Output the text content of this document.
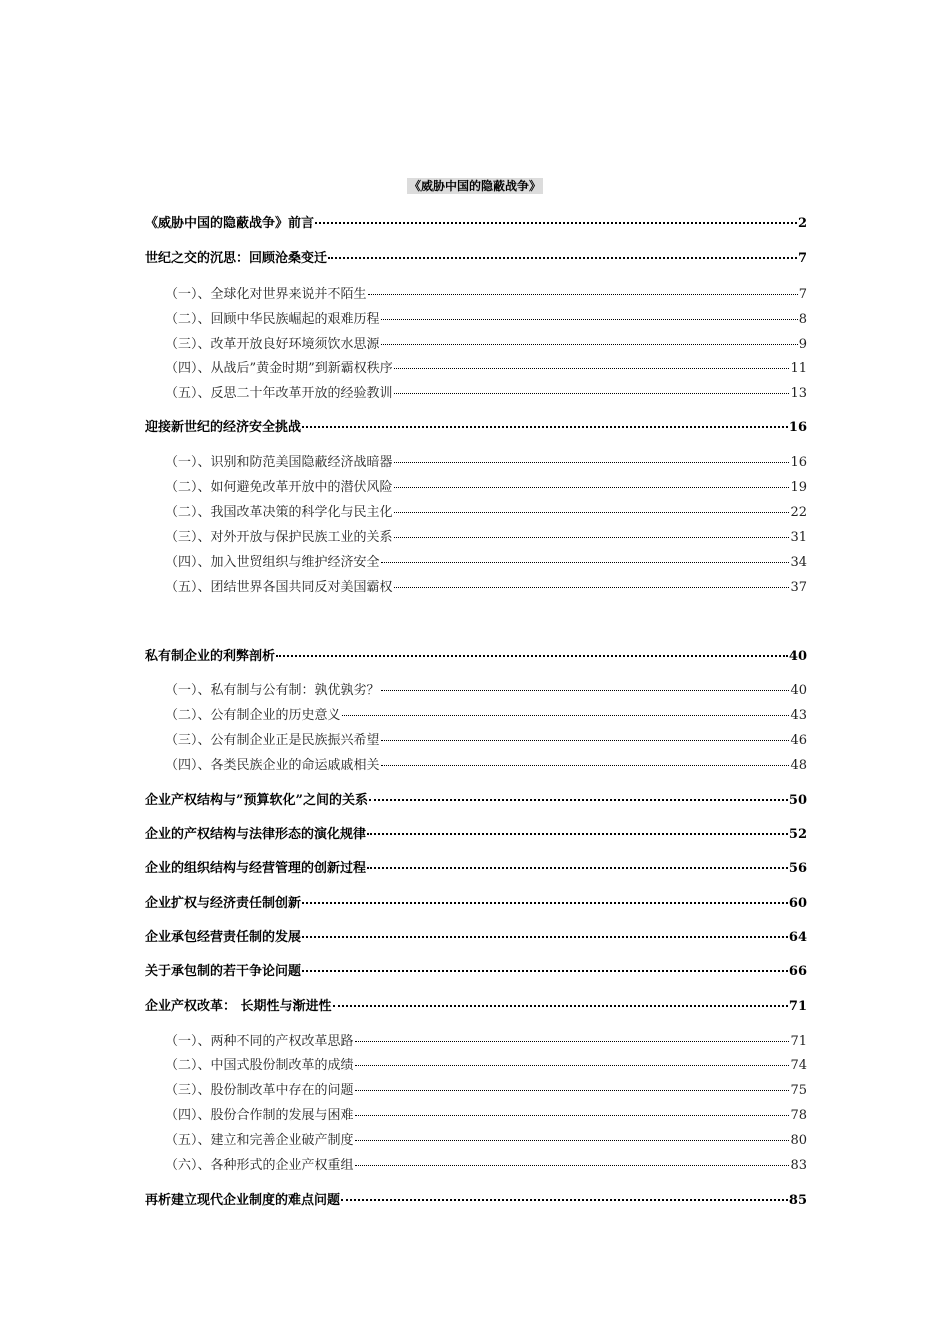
《威胁中国的隐蔽战争》
《威胁中国的隐蔽战争》前言	2
世纪之交的沉思：回顾沧桑变迁	7
（一）、全球化对世界来说并不陌生	7
（二）、回顾中华民族崛起的艰难历程	8
（三）、改革开放良好环境须饮水思源	9
（四）、从战后”黄金时期”到新霸权秩序	11
（五）、反思二十年改革开放的经验教训	13
迎接新世纪的经济安全挑战	16
（一）、识别和防范美国隐蔽经济战暗器	16
（二）、如何避免改革开放中的潜伏风险	19
（二）、我国改革决策的科学化与民主化	22
（三）、对外开放与保护民族工业的关系	31
（四）、加入世贸组织与维护经济安全	34
（五）、团结世界各国共同反对美国霸权	37
私有制企业的利弊剖析	40
（一）、私有制与公有制：孰优孰劣？	40
（二）、公有制企业的历史意义	43
（三）、公有制企业正是民族振兴希望	46
（四）、各类民族企业的命运戚戚相关	48
企业产权结构与”预算软化”之间的关系	50
企业的产权结构与法律形态的演化规律	52
企业的组织结构与经营管理的创新过程	56
企业扩权与经济责任制创新	60
企业承包经营责任制的发展	64
关于承包制的若干争论问题	66
企业产权改革： 长期性与渐进性	71
（一）、两种不同的产权改革思路	71
（二）、中国式股份制改革的成绩	74
（三）、股份制改革中存在的问题	75
（四）、股份合作制的发展与困难	78
（五）、建立和完善企业破产制度	80
（六）、各种形式的企业产权重组	83
再析建立现代企业制度的难点问题	85
